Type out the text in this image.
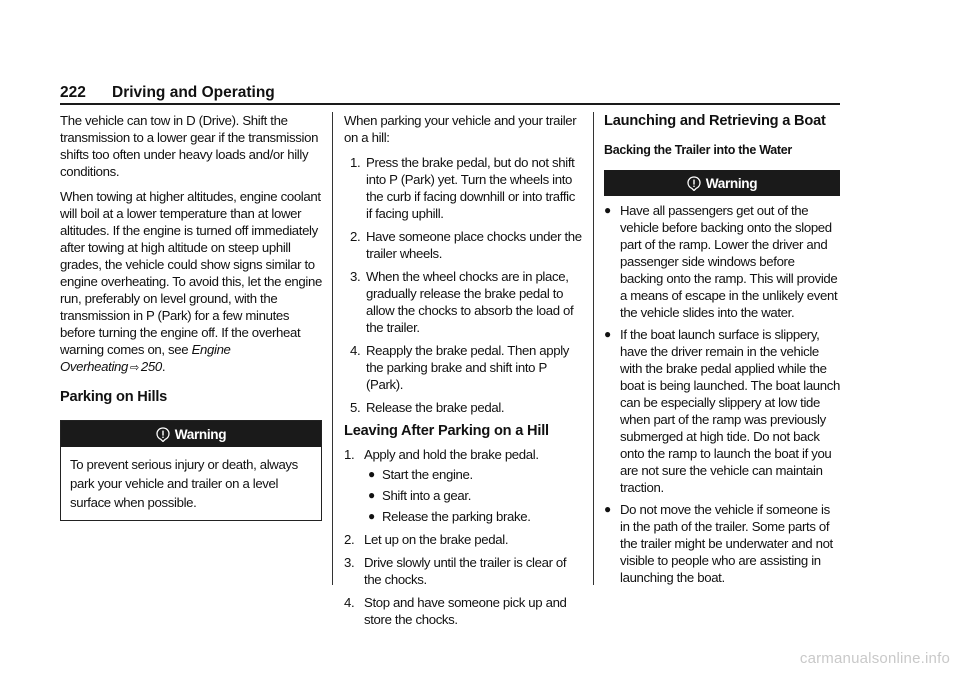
222 Driving and Operating

The vehicle can tow in D (Drive). Shift the transmission to a lower gear if the transmission shifts too often under heavy loads and/or hilly conditions.

When towing at higher altitudes, engine coolant will boil at a lower temperature than at lower altitudes. If the engine is turned off immediately after towing at high altitude on steep uphill grades, the vehicle could show signs similar to engine overheating. To avoid this, let the engine run, preferably on level ground, with the transmission in P (Park) for a few minutes before turning the engine off. If the overheat warning comes on, see Engine Overheating ⇨ 250.

Parking on Hills
Warning
To prevent serious injury or death, always park your vehicle and trailer on a level surface when possible.

When parking your vehicle and your trailer on a hill:

1. Press the brake pedal, but do not shift into P (Park) yet. Turn the wheels into the curb if facing downhill or into traffic if facing uphill.
2. Have someone place chocks under the trailer wheels.
3. When the wheel chocks are in place, gradually release the brake pedal to allow the chocks to absorb the load of the trailer.
4. Reapply the brake pedal. Then apply the parking brake and shift into P (Park).
5. Release the brake pedal.
Leaving After Parking on a Hill
1. Apply and hold the brake pedal.
● Start the engine.
● Shift into a gear.
● Release the parking brake.
2. Let up on the brake pedal.
3. Drive slowly until the trailer is clear of the chocks.
4. Stop and have someone pick up and store the chocks.
Launching and Retrieving a Boat
Backing the Trailer into the Water
Warning
● Have all passengers get out of the vehicle before backing onto the sloped part of the ramp. Lower the driver and passenger side windows before backing onto the ramp. This will provide a means of escape in the unlikely event the vehicle slides into the water.
● If the boat launch surface is slippery, have the driver remain in the vehicle with the brake pedal applied while the boat is being launched. The boat launch can be especially slippery at low tide when part of the ramp was previously submerged at high tide. Do not back onto the ramp to launch the boat if you are not sure the vehicle can maintain traction.
● Do not move the vehicle if someone is in the path of the trailer. Some parts of the trailer might be underwater and not visible to people who are assisting in launching the boat.
carmanualsonline.info
